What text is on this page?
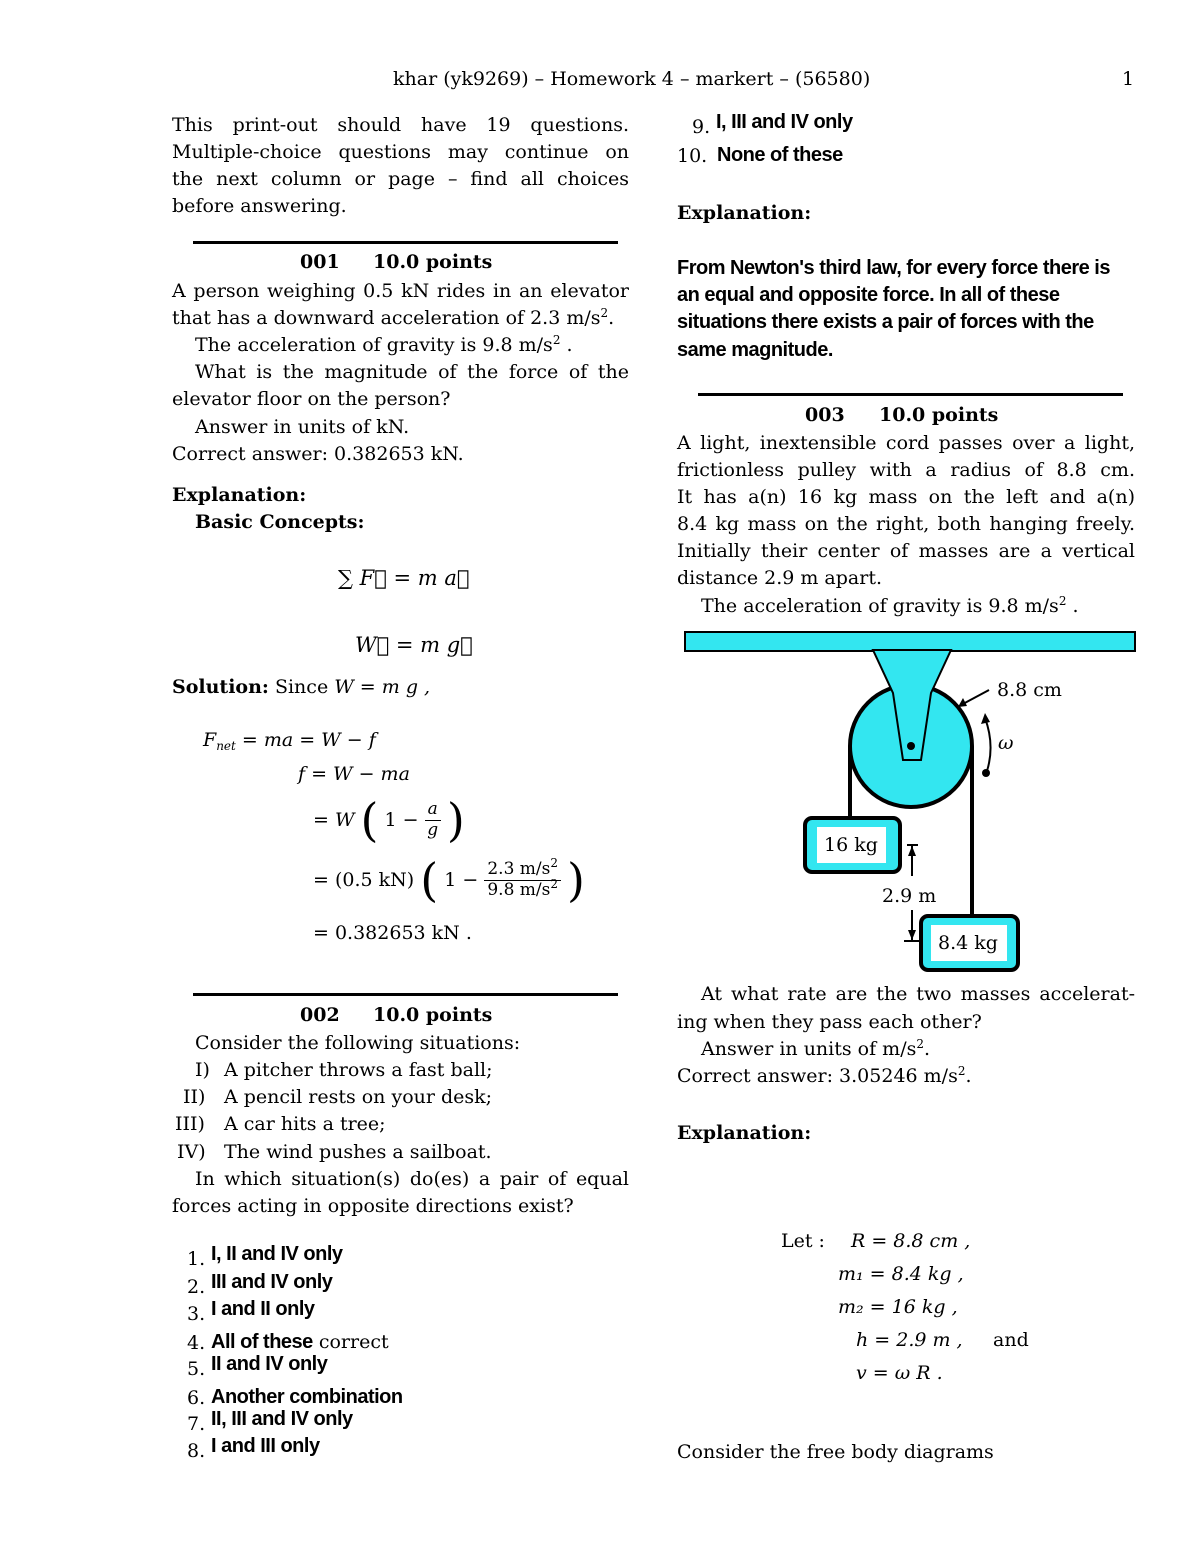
khar (yk9269) – Homework 4 – markert – (56580)	1
This print-out should have 19 questions.
Multiple-choice questions may continue on
the next column or page – find all choices
before answering.
001 10.0 points
A person weighing 0.5 kN rides in an elevator
that has a downward acceleration of 2.3 $m/s^2$.
The acceleration of gravity is 9.8 $m/s^2$ .
What is the magnitude of the force of the
elevator floor on the person?
Answer in units of kN.
Correct answer: 0.382653 kN.
Explanation:
Basic Concepts:
∑ F⃗ = m a⃗
W⃗ = m g⃗
Solution: Since W = m g ,
$F_{net}$ = ma = W − f
f = W − ma
= W ( $1 - \frac{a}{g}$ )
= (0.5 kN) ( $1 - \frac{2.3 m/s^2}{9.8 m/s^2}$ )
= 0.382653 kN .
002 10.0 points
Consider the following situations:
I) A pitcher throws a fast ball;
II) A pencil rests on your desk;
III) A car hits a tree;
IV) The wind pushes a sailboat.
In which situation(s) do(es) a pair of equal
forces acting in opposite directions exist?
1. I, II and IV only
2. III and IV only
3. I and II only
4. All of these correct
5. II and IV only
6. Another combination
7. II, III and IV only
8. I and III only
9. I, III and IV only
10. None of these
Explanation:
From Newton's third law, for every force there is
an equal and opposite force. In all of these
situations there exists a pair of forces with the
same magnitude.
003 10.0 points
A light, inextensible cord passes over a light,
frictionless pulley with a radius of 8.8 cm.
It has a(n) 16 kg mass on the left and a(n)
8.4 kg mass on the right, both hanging freely.
Initially their center of masses are a vertical
distance 2.9 m apart.
The acceleration of gravity is 9.8 $m/s^2$ .
8.8 cm
ω
16 kg
2.9 m
8.4 kg
At what rate are the two masses accelerat-
ing when they pass each other?
Answer in units of $m/s^2$.
Correct answer: 3.05246 $m/s^2$.
Explanation:
Let : R = 8.8 cm ,
m₁ = 8.4 kg ,
m₂ = 16 kg ,
h = 2.9 m , and
v = ω R .
Consider the free body diagrams
